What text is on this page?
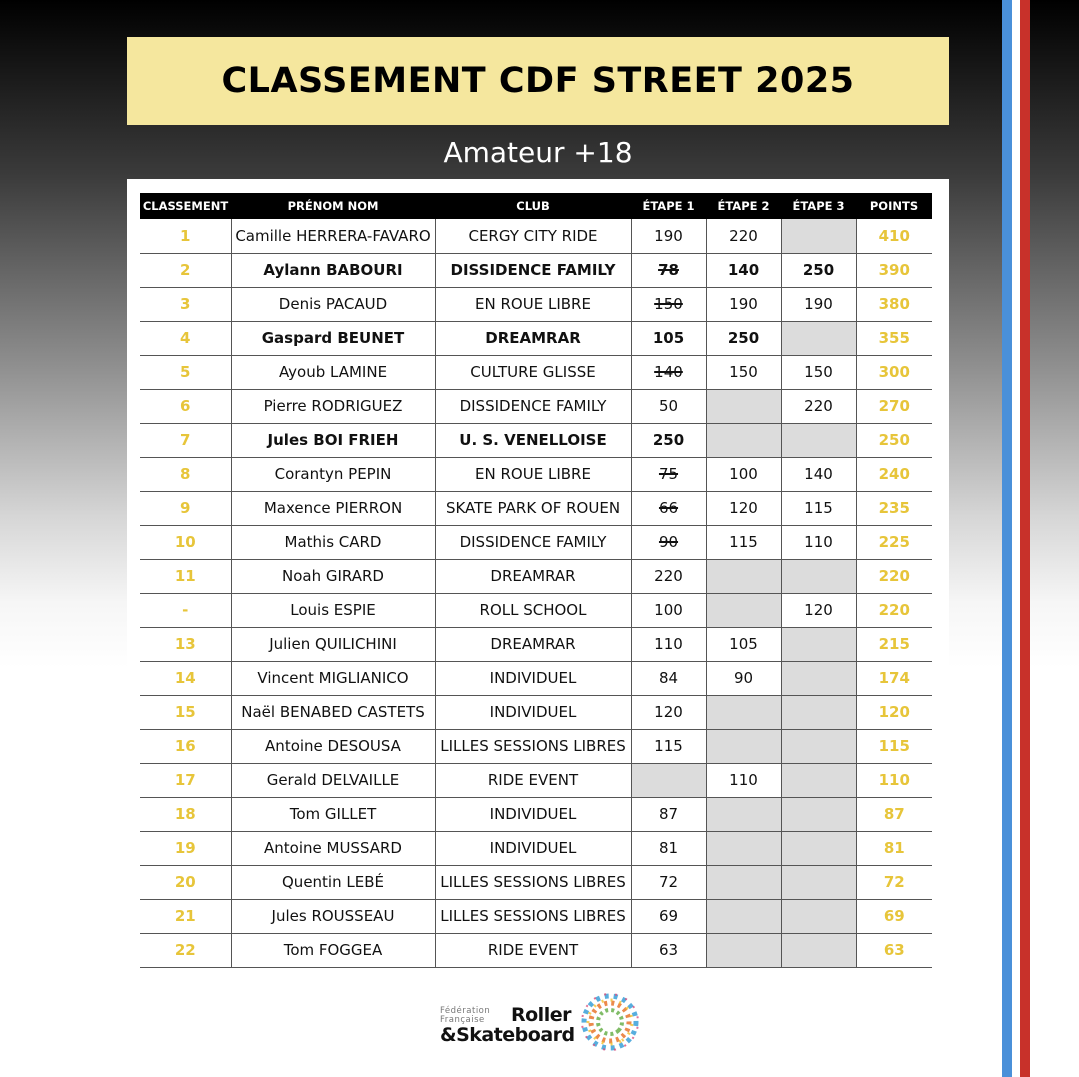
CLASSEMENT CDF STREET 2025
Amateur +18
CLASSEMENT	PRÉNOM NOM	CLUB	ÉTAPE 1	ÉTAPE 2	ÉTAPE 3	POINTS
1	Camille HERRERA-FAVARO	CERGY CITY RIDE	190	220		410
2	Aylann BABOURI	DISSIDENCE FAMILY	78	140	250	390
3	Denis PACAUD	EN ROUE LIBRE	150	190	190	380
4	Gaspard BEUNET	DREAMRAR	105	250		355
5	Ayoub LAMINE	CULTURE GLISSE	140	150	150	300
6	Pierre RODRIGUEZ	DISSIDENCE FAMILY	50		220	270
7	Jules BOI FRIEH	U. S. VENELLOISE	250			250
8	Corantyn PEPIN	EN ROUE LIBRE	75	100	140	240
9	Maxence PIERRON	SKATE PARK OF ROUEN	66	120	115	235
10	Mathis CARD	DISSIDENCE FAMILY	90	115	110	225
11	Noah GIRARD	DREAMRAR	220			220
-	Louis ESPIE	ROLL SCHOOL	100		120	220
13	Julien QUILICHINI	DREAMRAR	110	105		215
14	Vincent MIGLIANICO	INDIVIDUEL	84	90		174
15	Naël BENABED CASTETS	INDIVIDUEL	120			120
16	Antoine DESOUSA	LILLES SESSIONS LIBRES	115			115
17	Gerald DELVAILLE	RIDE EVENT		110		110
18	Tom GILLET	INDIVIDUEL	87			87
19	Antoine MUSSARD	INDIVIDUEL	81			81
20	Quentin LEBÉ	LILLES SESSIONS LIBRES	72			72
21	Jules ROUSSEAU	LILLES SESSIONS LIBRES	69			69
22	Tom FOGGEA	RIDE EVENT	63			63
Fédération
Française Roller
&Skateboard
